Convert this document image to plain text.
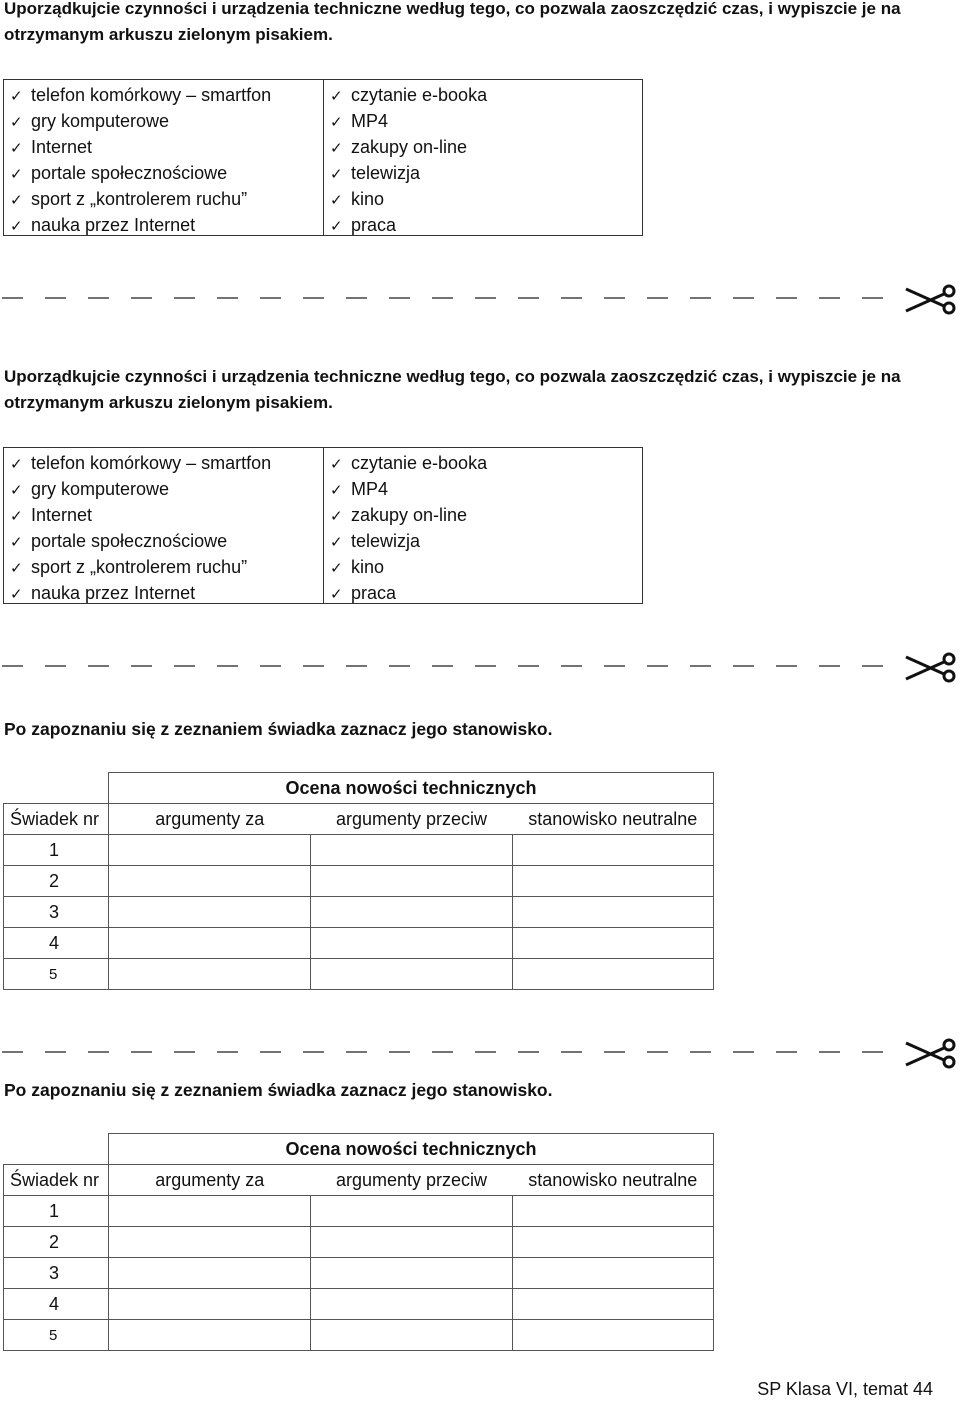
Uporządkujcie czynności i urządzenia techniczne według tego, co pozwala zaoszczędzić czas, i wypiszcie je na otrzymanym arkuszu zielonym pisakiem.
✓ telefon komórkowy – smartfon
✓ gry komputerowe
✓ Internet
✓ portale społecznościowe
✓ sport z „kontrolerem ruchu”
✓ nauka przez Internet
✓ czytanie e-booka
✓ MP4
✓ zakupy on-line
✓ telewizja
✓ kino
✓ praca
Uporządkujcie czynności i urządzenia techniczne według tego, co pozwala zaoszczędzić czas, i wypiszcie je na otrzymanym arkuszu zielonym pisakiem.
✓ telefon komórkowy – smartfon
✓ gry komputerowe
✓ Internet
✓ portale społecznościowe
✓ sport z „kontrolerem ruchu”
✓ nauka przez Internet
✓ czytanie e-booka
✓ MP4
✓ zakupy on-line
✓ telewizja
✓ kino
✓ praca
Po zapoznaniu się z zeznaniem świadka zaznacz jego stanowisko.
	Ocena nowości technicznych		
Świadek nr	argumenty za	argumenty przeciw	stanowisko neutralne
1			
2			
3			
4			
5			
Po zapoznaniu się z zeznaniem świadka zaznacz jego stanowisko.
	Ocena nowości technicznych		
Świadek nr	argumenty za	argumenty przeciw	stanowisko neutralne
1			
2			
3			
4			
5			
SP Klasa VI, temat 44
